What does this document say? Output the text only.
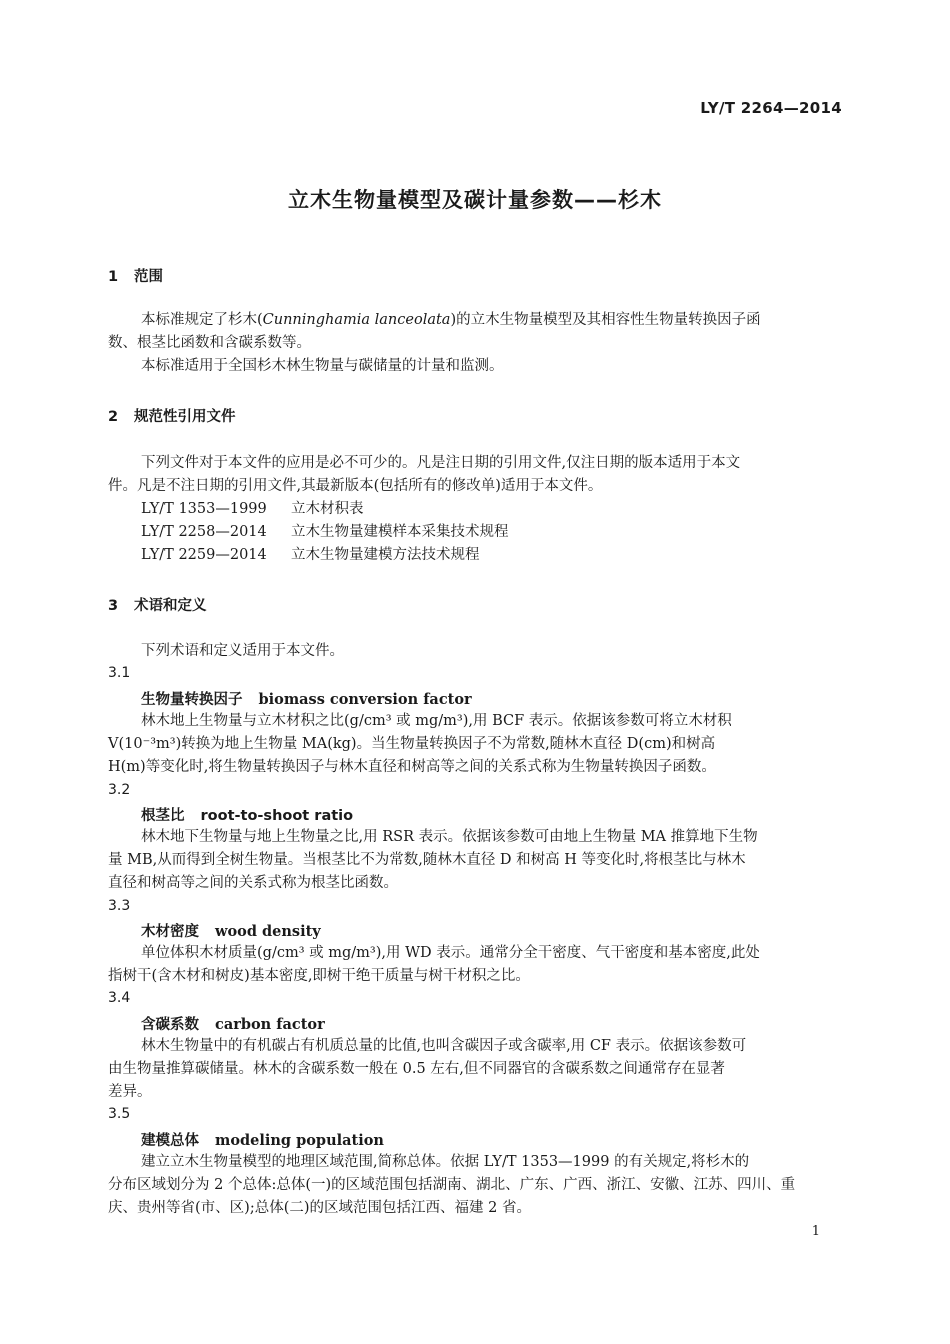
LY/T 2264—2014
立木生物量模型及碳计量参数——杉木
1 范围
本标准规定了杉木(Cunninghamia lanceolata)的立木生物量模型及其相容性生物量转换因子函
数、根茎比函数和含碳系数等。
本标准适用于全国杉木林生物量与碳储量的计量和监测。
2 规范性引用文件
下列文件对于本文件的应用是必不可少的。凡是注日期的引用文件,仅注日期的版本适用于本文
件。凡是不注日期的引用文件,其最新版本(包括所有的修改单)适用于本文件。
LY/T 1353—1999 立木材积表
LY/T 2258—2014 立木生物量建模样本采集技术规程
LY/T 2259—2014 立木生物量建模方法技术规程
3 术语和定义
下列术语和定义适用于本文件。
3.1
生物量转换因子 biomass conversion factor
林木地上生物量与立木材积之比(g/cm³ 或 mg/m³),用 BCF 表示。依据该参数可将立木材积
V(10⁻³m³)转换为地上生物量 MA(kg)。当生物量转换因子不为常数,随林木直径 D(cm)和树高
H(m)等变化时,将生物量转换因子与林木直径和树高等之间的关系式称为生物量转换因子函数。
3.2
根茎比 root-to-shoot ratio
林木地下生物量与地上生物量之比,用 RSR 表示。依据该参数可由地上生物量 MA 推算地下生物
量 MB,从而得到全树生物量。当根茎比不为常数,随林木直径 D 和树高 H 等变化时,将根茎比与林木
直径和树高等之间的关系式称为根茎比函数。
3.3
木材密度 wood density
单位体积木材质量(g/cm³ 或 mg/m³),用 WD 表示。通常分全干密度、气干密度和基本密度,此处
指树干(含木材和树皮)基本密度,即树干绝干质量与树干材积之比。
3.4
含碳系数 carbon factor
林木生物量中的有机碳占有机质总量的比值,也叫含碳因子或含碳率,用 CF 表示。依据该参数可
由生物量推算碳储量。林木的含碳系数一般在 0.5 左右,但不同器官的含碳系数之间通常存在显著
差异。
3.5
建模总体 modeling population
建立立木生物量模型的地理区域范围,简称总体。依据 LY/T 1353—1999 的有关规定,将杉木的
分布区域划分为 2 个总体:总体(一)的区域范围包括湖南、湖北、广东、广西、浙江、安徽、江苏、四川、重
庆、贵州等省(市、区);总体(二)的区域范围包括江西、福建 2 省。
1
